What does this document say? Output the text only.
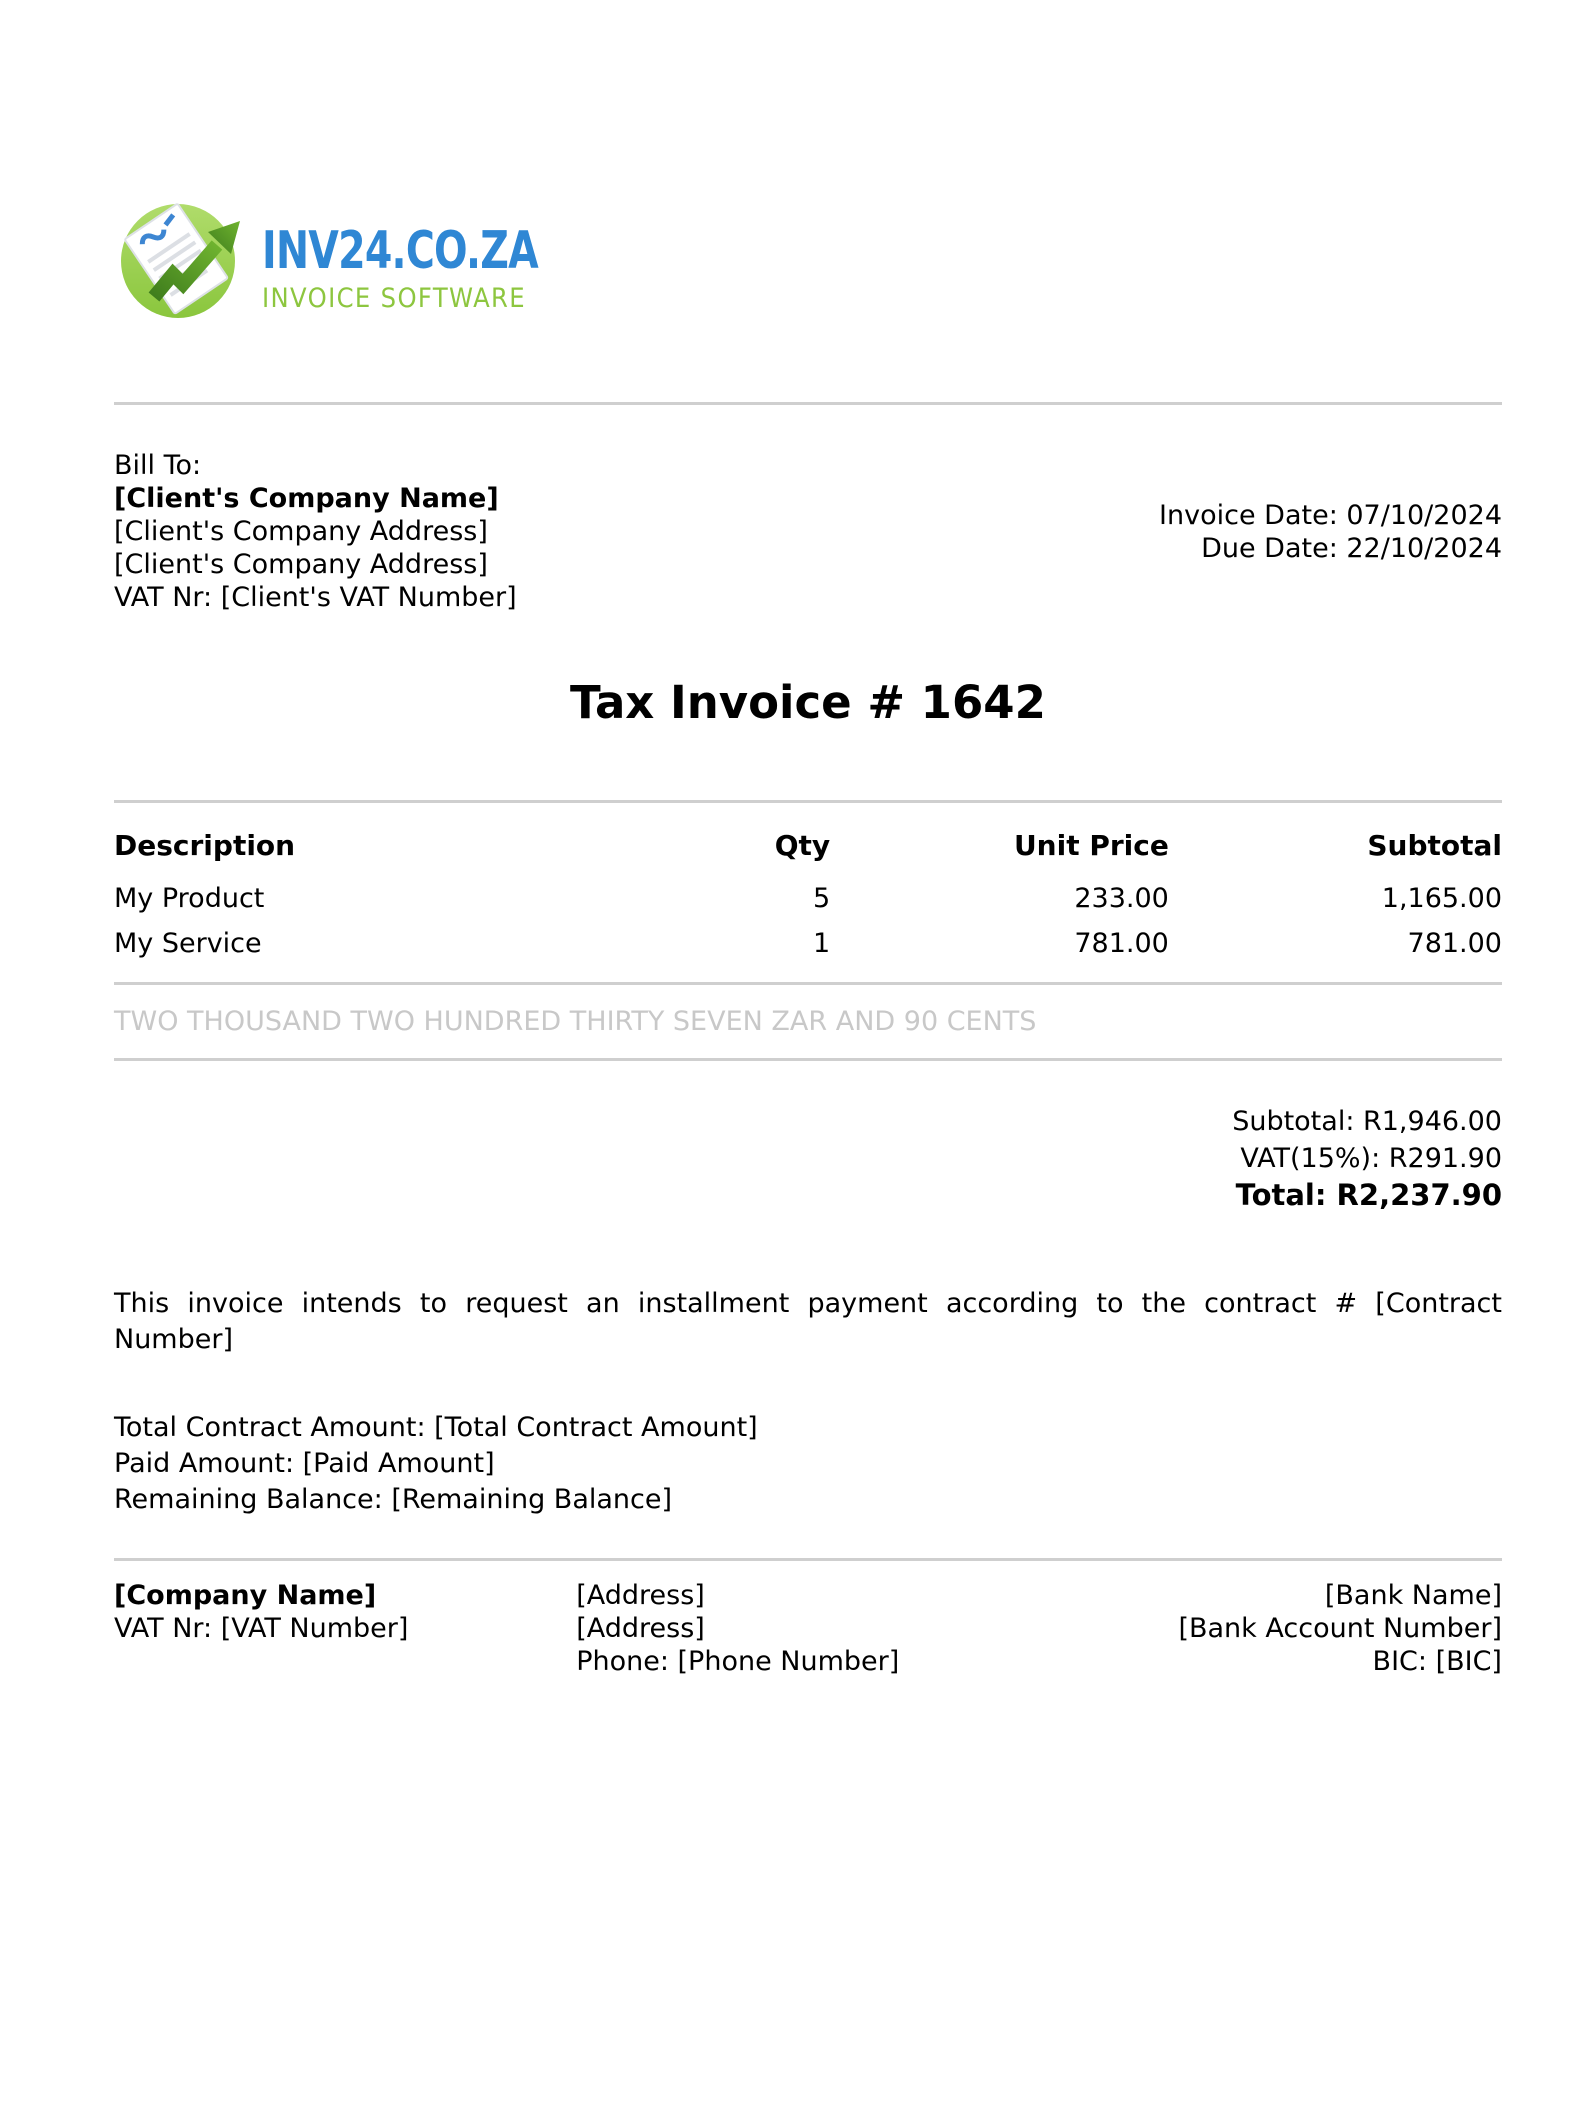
INV24.CO.ZA
INVOICE SOFTWARE
Bill To:
[Client's Company Name]
[Client's Company Address]
[Client's Company Address]
VAT Nr: [Client's VAT Number]
Invoice Date: 07/10/2024
Due Date: 22/10/2024
Tax Invoice # 1642
Description	Qty	Unit Price	Subtotal
My Product	5	233.00	1,165.00
My Service	1	781.00	781.00
TWO THOUSAND TWO HUNDRED THIRTY SEVEN ZAR AND 90 CENTS
Subtotal: R1,946.00
VAT(15%): R291.90
Total: R2,237.90
This invoice intends to request an installment payment according to the contract # [Contract Number]
Total Contract Amount: [Total Contract Amount]
Paid Amount: [Paid Amount]
Remaining Balance: [Remaining Balance]
[Company Name]
VAT Nr: [VAT Number]
[Address]
[Address]
Phone: [Phone Number]
[Bank Name]
[Bank Account Number]
BIC: [BIC]
